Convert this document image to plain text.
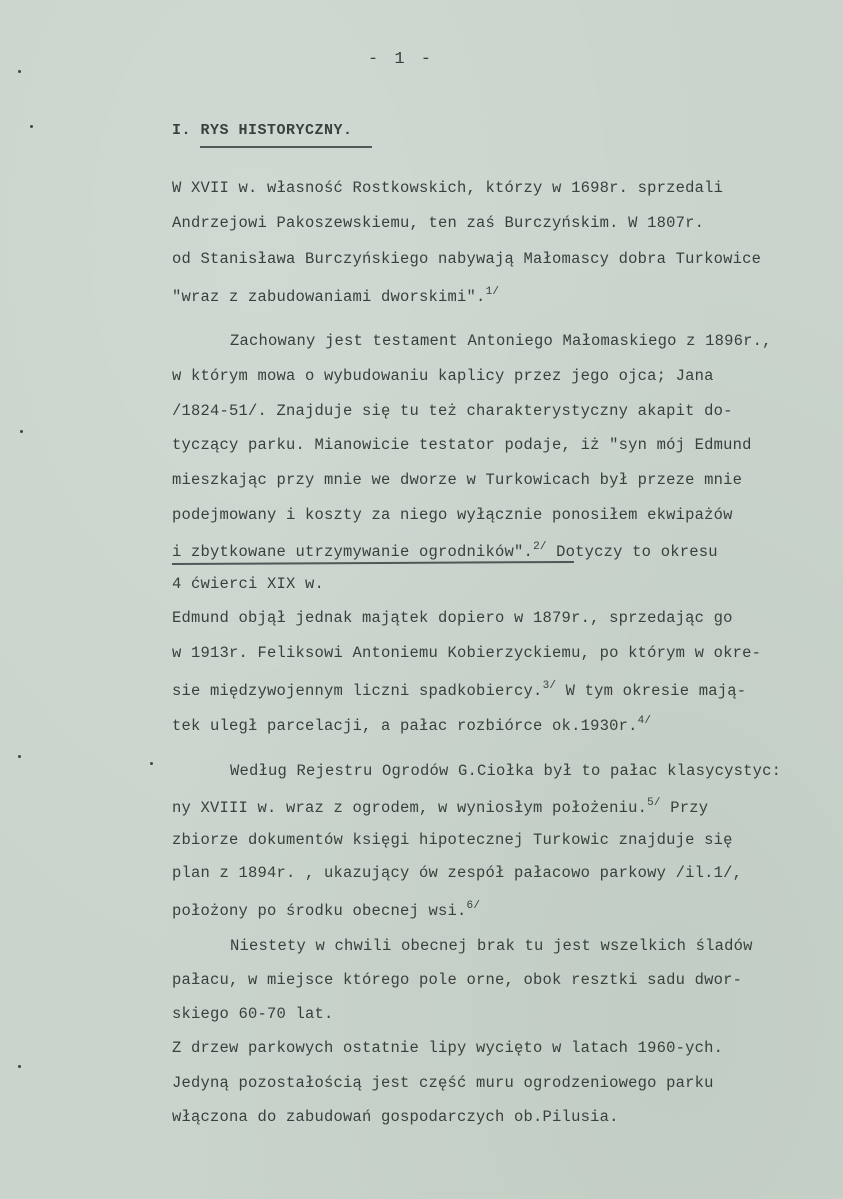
- 1 -
I. RYS HISTORYCZNY.
W XVII w. własność Rostkowskich, którzy w 1698r. sprzedali
Andrzejowi Pakoszewskiemu, ten zaś Burczyńskim. W 1807r.
od Stanisława Burczyńskiego nabywają Małomascy dobra Turkowice
"wraz z zabudowaniami dworskimi".$^{1/}$
Zachowany jest testament Antoniego Małomaskiego z 1896r.,
w którym mowa o wybudowaniu kaplicy przez jego ojca; Jana
/1824-51/. Znajduje się tu też charakterystyczny akapit do-
tyczący parku. Mianowicie testator podaje, iż "syn mój Edmund
mieszkając przy mnie we dworze w Turkowicach był przeze mnie
podejmowany i koszty za niego wyłącznie ponosiłem ekwipażów
i zbytkowane utrzymywanie ogrodników".$^{2/}$ Dotyczy to okresu
4 ćwierci XIX w.
Edmund objął jednak majątek dopiero w 1879r., sprzedając go
w 1913r. Feliksowi Antoniemu Kobierzyckiemu, po którym w okre-
sie międzywojennym liczni spadkobiercy.$^{3/}$ W tym okresie mają-
tek uległ parcelacji, a pałac rozbiórce ok.1930r.$^{4/}$
Według Rejestru Ogrodów G.Ciołka był to pałac klasycystyc:
ny XVIII w. wraz z ogrodem, w wyniosłym położeniu.$^{5/}$ Przy
zbiorze dokumentów księgi hipotecznej Turkowic znajduje się
plan z 1894r. , ukazujący ów zespół pałacowo parkowy /il.1/,
położony po środku obecnej wsi.$^{6/}$
Niestety w chwili obecnej brak tu jest wszelkich śladów
pałacu, w miejsce którego pole orne, obok resztki sadu dwor-
skiego 60-70 lat.
Z drzew parkowych ostatnie lipy wycięto w latach 1960-ych.
Jedyną pozostałością jest część muru ogrodzeniowego parku
włączona do zabudowań gospodarczych ob.Pilusia.
